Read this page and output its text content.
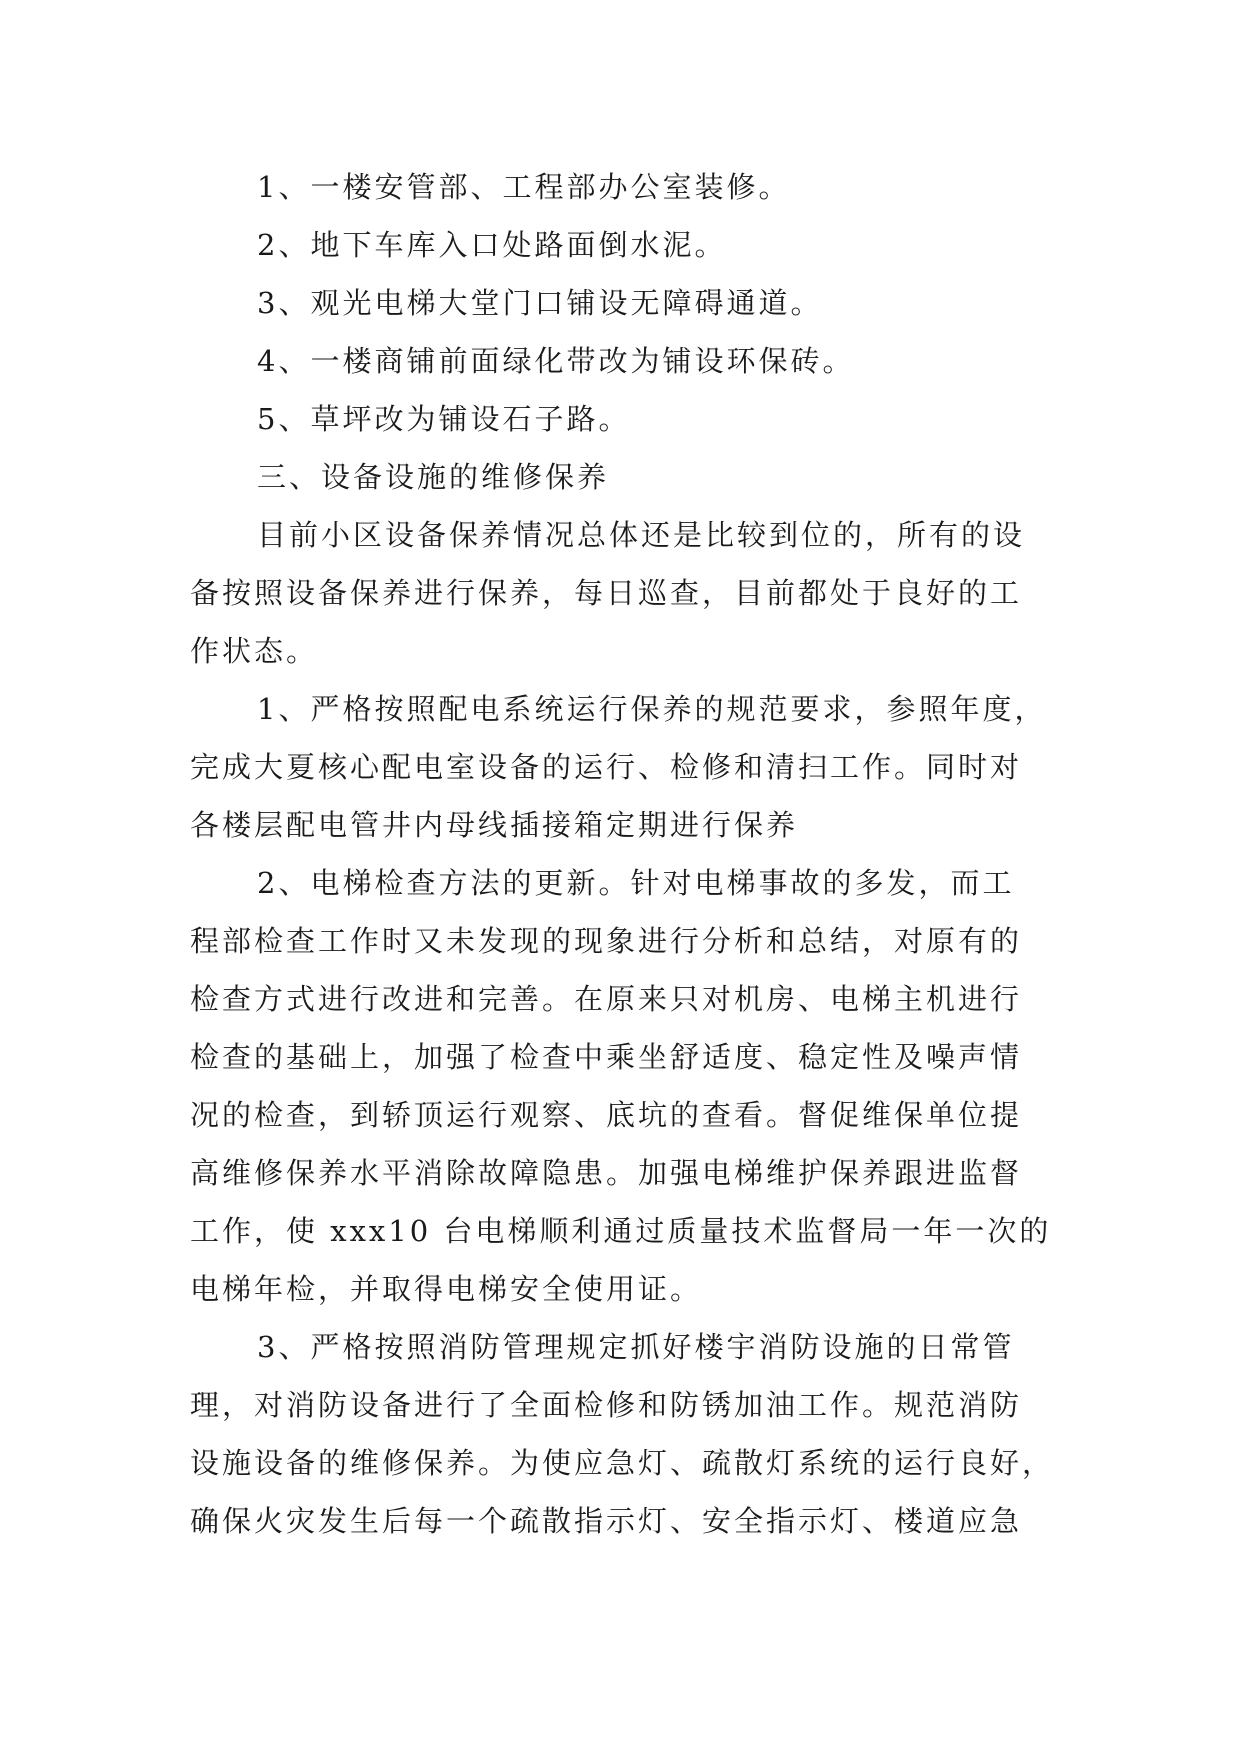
1、一楼安管部、工程部办公室装修。
2、地下车库入口处路面倒水泥。
3、观光电梯大堂门口铺设无障碍通道。
4、一楼商铺前面绿化带改为铺设环保砖。
5、草坪改为铺设石子路。
三、设备设施的维修保养
目前小区设备保养情况总体还是比较到位的，所有的设
备按照设备保养进行保养，每日巡查，目前都处于良好的工
作状态。
1、严格按照配电系统运行保养的规范要求，参照年度，
完成大夏核心配电室设备的运行、检修和清扫工作。同时对
各楼层配电管井内母线插接箱定期进行保养
2、电梯检查方法的更新。针对电梯事故的多发，而工
程部检查工作时又未发现的现象进行分析和总结，对原有的
检查方式进行改进和完善。在原来只对机房、电梯主机进行
检查的基础上，加强了检查中乘坐舒适度、稳定性及噪声情
况的检查，到轿顶运行观察、底坑的查看。督促维保单位提
高维修保养水平消除故障隐患。加强电梯维护保养跟进监督
工作，使 xxx10 台电梯顺利通过质量技术监督局一年一次的
电梯年检，并取得电梯安全使用证。
3、严格按照消防管理规定抓好楼宇消防设施的日常管
理，对消防设备进行了全面检修和防锈加油工作。规范消防
设施设备的维修保养。为使应急灯、疏散灯系统的运行良好，
确保火灾发生后每一个疏散指示灯、安全指示灯、楼道应急
